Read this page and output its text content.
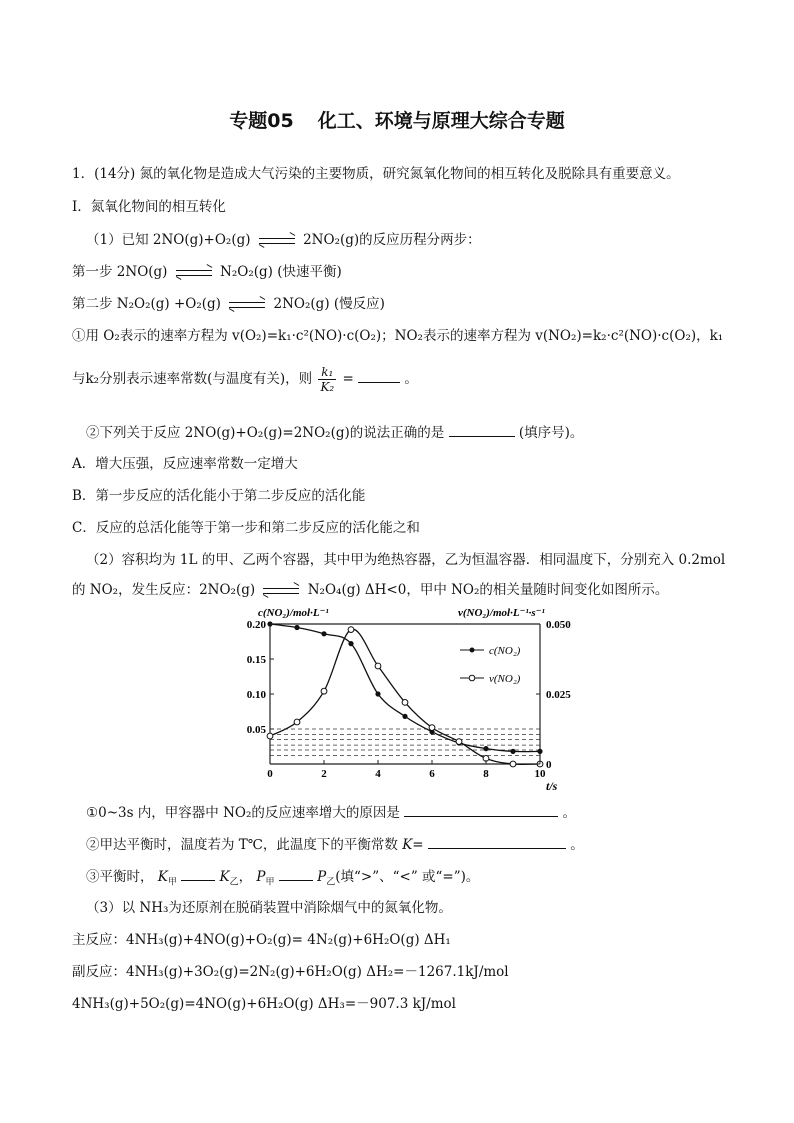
专题05 化工、环境与原理大综合专题
1．(14分) 氮的氧化物是造成大气污染的主要物质，研究氮氧化物间的相互转化及脱除具有重要意义。
I．氮氧化物间的相互转化
（1）已知 2NO(g)+O₂(g)	2NO₂(g)的反应历程分两步：
第一步 2NO(g)	N₂O₂(g) (快速平衡)
第二步 N₂O₂(g) +O₂(g)	2NO₂(g) (慢反应)
①用 O₂表示的速率方程为 v(O₂)=k₁·c²(NO)·c(O₂)；NO₂表示的速率方程为 v(NO₂)=k₂·c²(NO)·c(O₂)，k₁
与k₂分别表示速率常数(与温度有关)，则 $\frac{\text{k₁}}{\text{K₂}}$ =	。
②下列关于反应 2NO(g)+O₂(g)=2NO₂(g)的说法正确的是	(填序号)。
A．增大压强，反应速率常数一定增大
B．第一步反应的活化能小于第二步反应的活化能
C．反应的总活化能等于第一步和第二步反应的活化能之和
（2）容积均为 1L 的甲、乙两个容器，其中甲为绝热容器，乙为恒温容器．相同温度下，分别充入 0.2mol
的 NO₂，发生反应：2NO₂(g)	N₂O₄(g) ΔH<0，甲中 NO₂的相关量随时间变化如图所示。
c(NO₂)/mol·L⁻¹	v(NO₂)/mol·L⁻¹·s⁻¹
t/s
0	2	4	6	8	10
0.20
0.15
0.10
0.05
0.050
0.025
0
c(NO₂)
v(NO₂)
①0~3s 内，甲容器中 NO₂的反应速率增大的原因是	。
②甲达平衡时，温度若为 T℃，此温度下的平衡常数 K=	。
③平衡时， $K_甲$	$K_乙$， $P_甲$	$P_乙$(填“>”、“<” 或“=”)。
（3）以 NH₃为还原剂在脱硝装置中消除烟气中的氮氧化物。
主反应：4NH₃(g)+4NO(g)+O₂(g)= 4N₂(g)+6H₂O(g) ΔH₁
副反应：4NH₃(g)+3O₂(g)=2N₂(g)+6H₂O(g) ΔH₂=－1267.1kJ/mol
4NH₃(g)+5O₂(g)=4NO(g)+6H₂O(g) ΔH₃=－907.3 kJ/mol
